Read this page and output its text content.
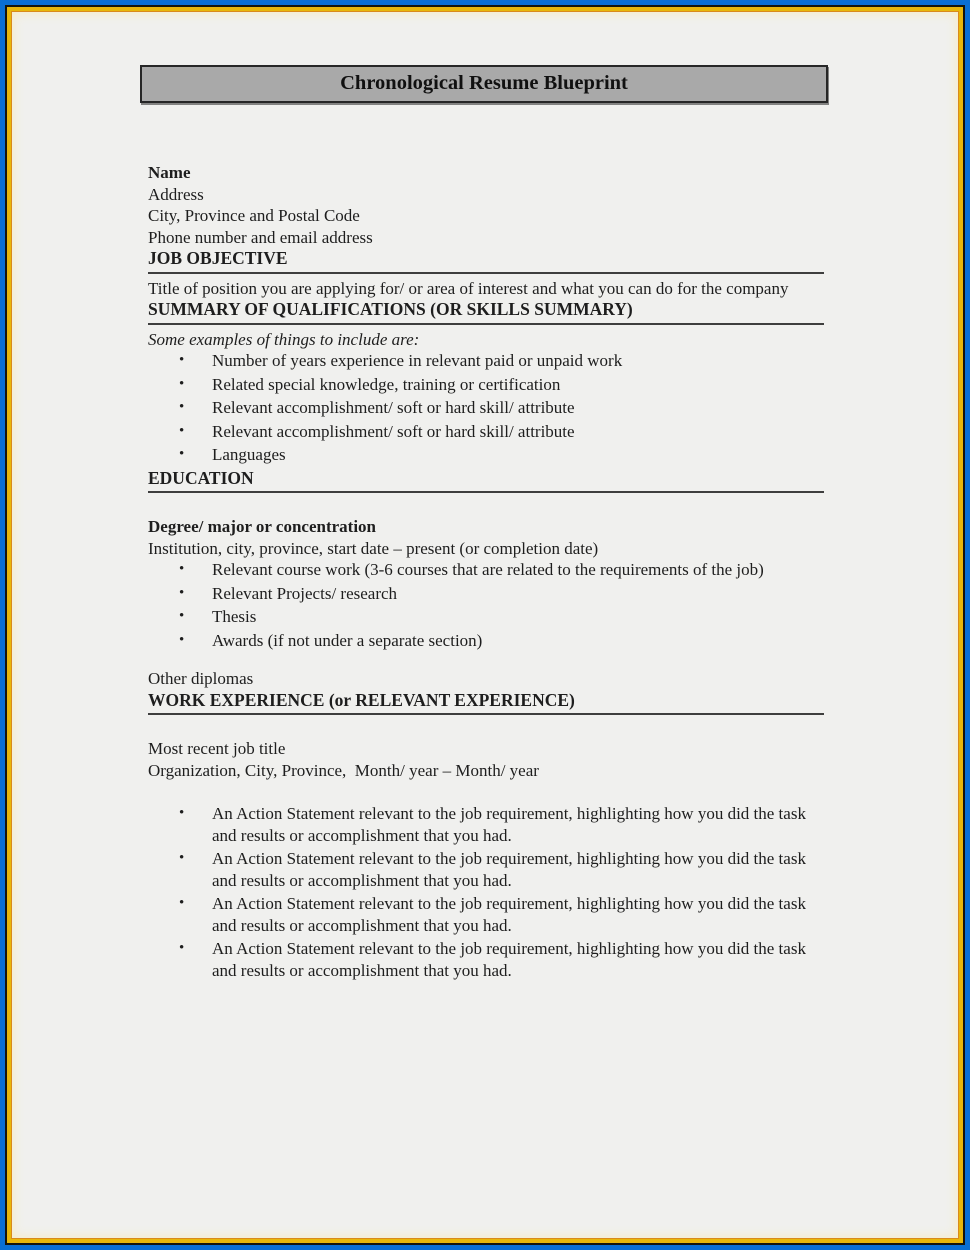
Chronological Resume Blueprint
Name
Address
City, Province and Postal Code
Phone number and email address
JOB OBJECTIVE
Title of position you are applying for/ or area of interest and what you can do for the company
SUMMARY OF QUALIFICATIONS (OR SKILLS SUMMARY)
Some examples of things to include are:
• Number of years experience in relevant paid or unpaid work
• Related special knowledge, training or certification
• Relevant accomplishment/ soft or hard skill/ attribute
• Relevant accomplishment/ soft or hard skill/ attribute
• Languages
EDUCATION
Degree/ major or concentration
Institution, city, province, start date – present (or completion date)
• Relevant course work (3-6 courses that are related to the requirements of the job)
• Relevant Projects/ research
• Thesis
• Awards (if not under a separate section)
Other diplomas
WORK EXPERIENCE (or RELEVANT EXPERIENCE)
Most recent job title
Organization, City, Province,  Month/ year – Month/ year
• An Action Statement relevant to the job requirement, highlighting how you did the task and results or accomplishment that you had.
• An Action Statement relevant to the job requirement, highlighting how you did the task and results or accomplishment that you had.
• An Action Statement relevant to the job requirement, highlighting how you did the task and results or accomplishment that you had.
• An Action Statement relevant to the job requirement, highlighting how you did the task and results or accomplishment that you had.
